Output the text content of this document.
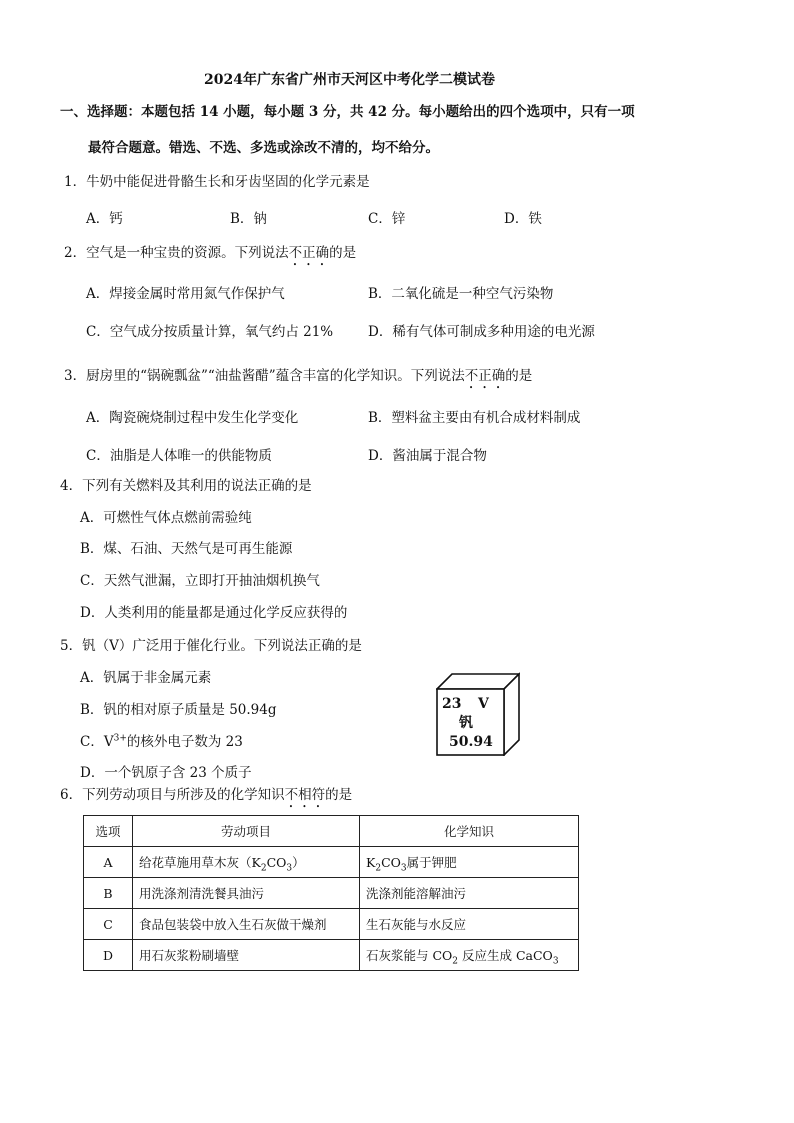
2024年广东省广州市天河区中考化学二模试卷
一、选择题：本题包括 14 小题，每小题 3 分，共 42 分。每小题给出的四个选项中，只有一项
最符合题意。错选、不选、多选或涂改不清的，均不给分。
1．牛奶中能促进骨骼生长和牙齿坚固的化学元素是
A．钙	B．钠	C．锌	D．铁
2．空气是一种宝贵的资源。下列说法不正确的是
A．焊接金属时常用氮气作保护气	B．二氧化硫是一种空气污染物
C．空气成分按质量计算，氧气约占 21%	D．稀有气体可制成多种用途的电光源
3．厨房里的“锅碗瓢盆”“油盐酱醋”蕴含丰富的化学知识。下列说法不正确的是
A．陶瓷碗烧制过程中发生化学变化	B．塑料盆主要由有机合成材料制成
C．油脂是人体唯一的供能物质	D．酱油属于混合物
4．下列有关燃料及其利用的说法正确的是
A．可燃性气体点燃前需验纯
B．煤、石油、天然气是可再生能源
C．天然气泄漏，立即打开抽油烟机换气
D．人类利用的能量都是通过化学反应获得的
5．钒（V）广泛用于催化行业。下列说法正确的是
A．钒属于非金属元素
B．钒的相对原子质量是 50.94g
C．$V^{3+}$的核外电子数为 23
D．一个钒原子含 23 个质子
23 V
钒
50.94
6．下列劳动项目与所涉及的化学知识不相符的是
选项	劳动项目	化学知识
A	给花草施用草木灰$(K_2CO_3)$	$K_2CO_3$属于钾肥
B	用洗涤剂清洗餐具油污	洗涤剂能溶解油污
C	食品包装袋中放入生石灰做干燥剂	生石灰能与水反应
D	用石灰浆粉刷墙壁	石灰浆能与 $CO_2$ 反应生成 CaCO$_3$
